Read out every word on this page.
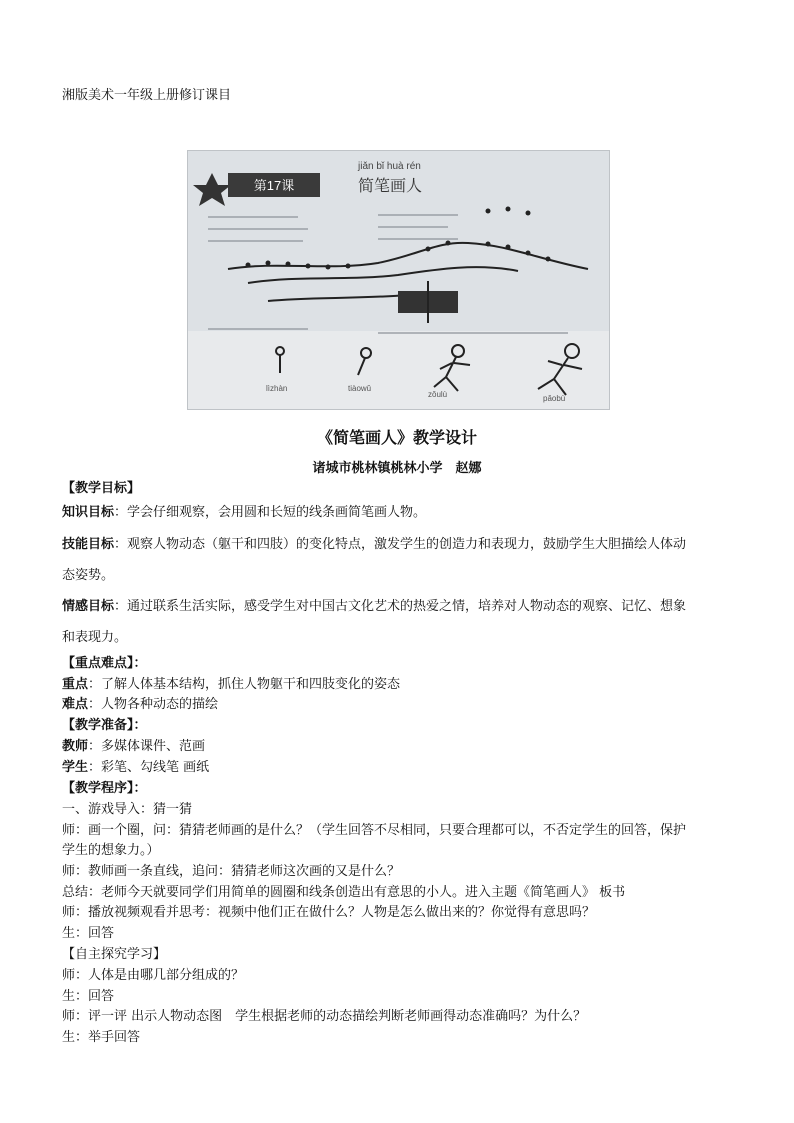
湘版美术一年级上册修订课目
第17课
jiǎn bǐ huà rén
简笔画人
lìzhàn	tiàowǔ
zǒulù	pǎobù
《简笔画人》教学设计
诸城市桃林镇桃林小学　赵娜
【教学目标】
知识目标：学会仔细观察，会用圆和长短的线条画简笔画人物。
技能目标：观察人物动态（躯干和四肢）的变化特点，激发学生的创造力和表现力，鼓励学生大胆描绘人体动
态姿势。
情感目标：通过联系生活实际，感受学生对中国古文化艺术的热爱之情，培养对人物动态的观察、记忆、想象
和表现力。
【重点难点】：
重点：了解人体基本结构，抓住人物躯干和四肢变化的姿态
难点：人物各种动态的描绘
【教学准备】：
教师：多媒体课件、范画
学生：彩笔、勾线笔 画纸
【教学程序】：
一、游戏导入：猜一猜
师：画一个圈，问：猜猜老师画的是什么？（学生回答不尽相同，只要合理都可以，不否定学生的回答，保护
学生的想象力。）
师：教师画一条直线，追问：猜猜老师这次画的又是什么？
总结：老师今天就要同学们用简单的圆圈和线条创造出有意思的小人。进入主题《简笔画人》 板书
师：播放视频观看并思考：视频中他们正在做什么？人物是怎么做出来的？你觉得有意思吗？
生：回答
【自主探究学习】
师：人体是由哪几部分组成的？
生：回答
师：评一评 出示人物动态图　学生根据老师的动态描绘判断老师画得动态准确吗？为什么？
生：举手回答
